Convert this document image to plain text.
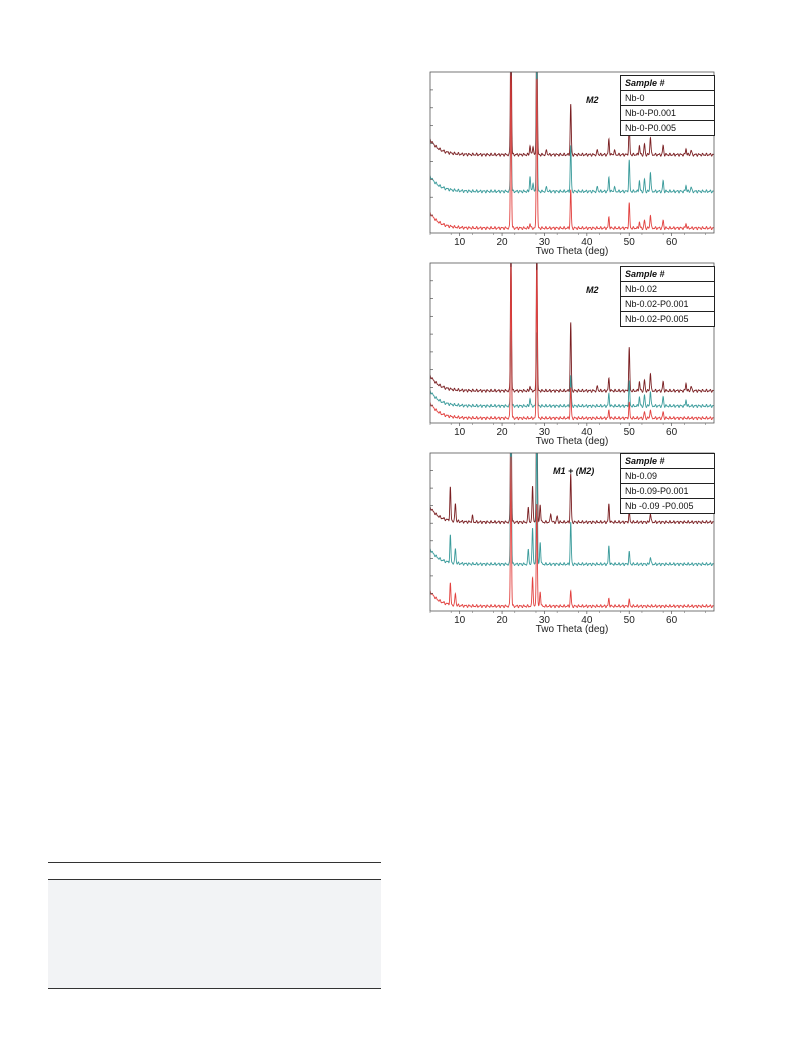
10	20	30	40	50	60
10	20	30	40	50	60
10	20	30	40	50	60
Two Theta (deg)
M2
Sample #
Nb-0
Nb-0-P0.001
Nb-0-P0.005
Two Theta (deg)
M2
Sample #
Nb-0.02
Nb-0.02-P0.001
Nb-0.02-P0.005
Two Theta (deg)
M1 + (M2)
Sample #
Nb-0.09
Nb-0.09-P0.001
Nb -0.09 -P0.005
